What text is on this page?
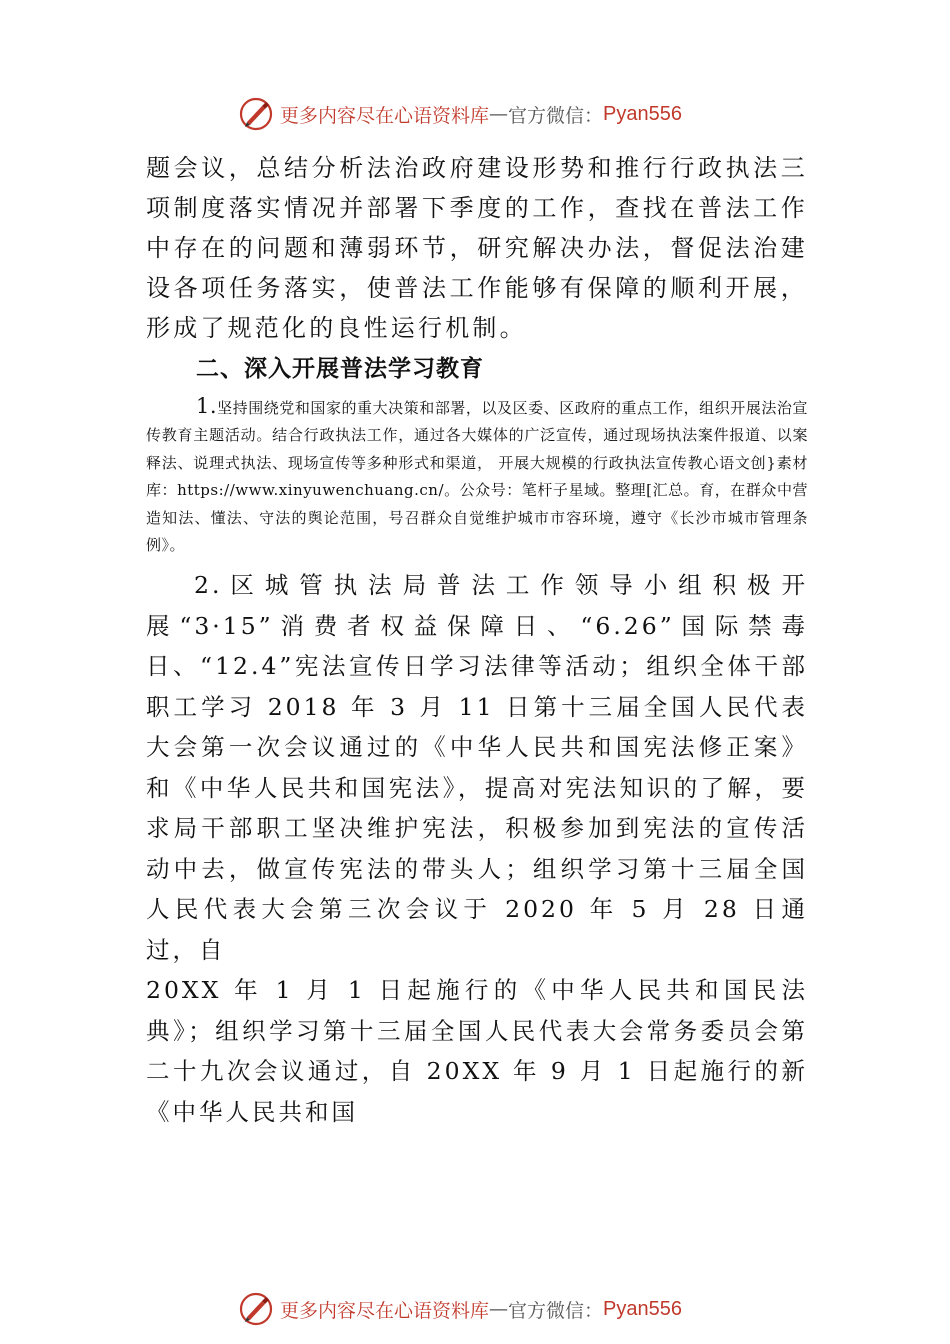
更多内容尽在心语资料库 — 官方微信： Pyan556

题会议，总结分析法治政府建设形势和推行行政执法三项制度落实情况并部署下季度的工作，查找在普法工作中存在的问题和薄弱环节，研究解决办法，督促法治建设各项任务落实，使普法工作能够有保障的顺利开展，形成了规范化的良性运行机制。

二、深入开展普法学习教育

1.坚持围绕党和国家的重大决策和部署，以及区委、区政府的重点工作，组织开展法治宣传教育主题活动。结合行政执法工作，通过各大媒体的广泛宣传，通过现场执法案件报道、以案释法、说理式执法、现场宣传等多种形式和渠道， 开展大规模的行政执法宣传教心语文创}素材库：https://www.xinyuwenchuang.cn/。公众号：笔杆子星域。整理[汇总。育，在群众中营造知法、懂法、守法的舆论范围，号召群众自觉维护城市市容环境，遵守《长沙市城市管理条例》。

2.区城管执法局普法工作领导小组积极开展“3·15”消费者权益保障日、“6.26”国际禁毒日、“12.4”宪法宣传日学习法律等活动；组织全体干部职工学习 2018 年 3 月 11 日第十三届全国人民代表大会第一次会议通过的《中华人民共和国宪法修正案》和《中华人民共和国宪法》，提高对宪法知识的了解，要求局干部职工坚决维护宪法，积极参加到宪法的宣传活动中去，做宣传宪法的带头人；组织学习第十三届全国人民代表大会第三次会议于 2020 年 5 月 28 日通过，自

20XX 年 1 月 1 日起施行的《中华人民共和国民法典》；组织学习第十三届全国人民代表大会常务委员会第二十九次会议通过，自 20XX 年 9 月 1 日起施行的新《中华人民共和国

更多内容尽在心语资料库 — 官方微信： Pyan556
